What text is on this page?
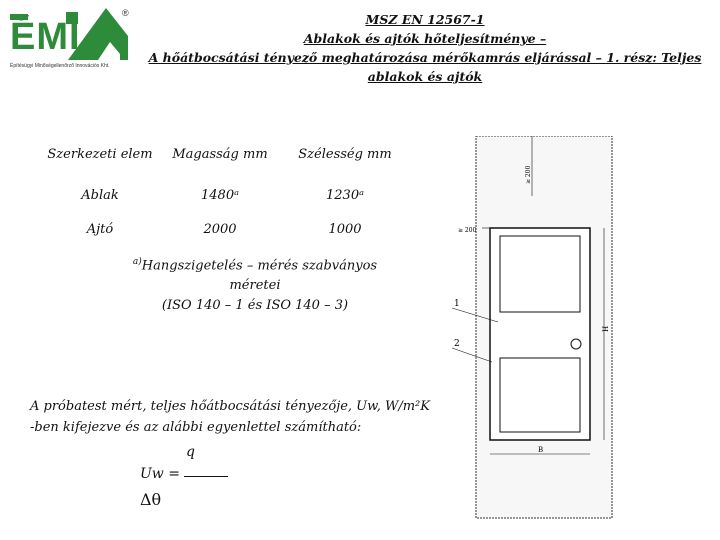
ÉMI
®
Építésügyi Minőségellenőrző Innovációs Kht.
MSZ EN 12567-1
Ablakok és ajtók hőteljesítménye –
A hőátbocsátási tényező meghatározása mérőkamrás eljárással – 1. rész: Teljes ablakok és ajtók
Szerkezeti elem	Magasság mm	Szélesség mm
Ablak	1480ᵃ	1230ᵃ
Ajtó	2000	1000
$^{a)}$Hangszigetelés – mérés szabványos méretei
(ISO 140 – 1 és ISO 140 – 3)
A próbatest mért, teljes hőátbocsátási tényezője, Uw, W/m²K
-ben kifejezve és az alábbi egyenlettel számítható:
q
Uw =
Δθ
≥ 200
≥ 200
1
2
H
B
